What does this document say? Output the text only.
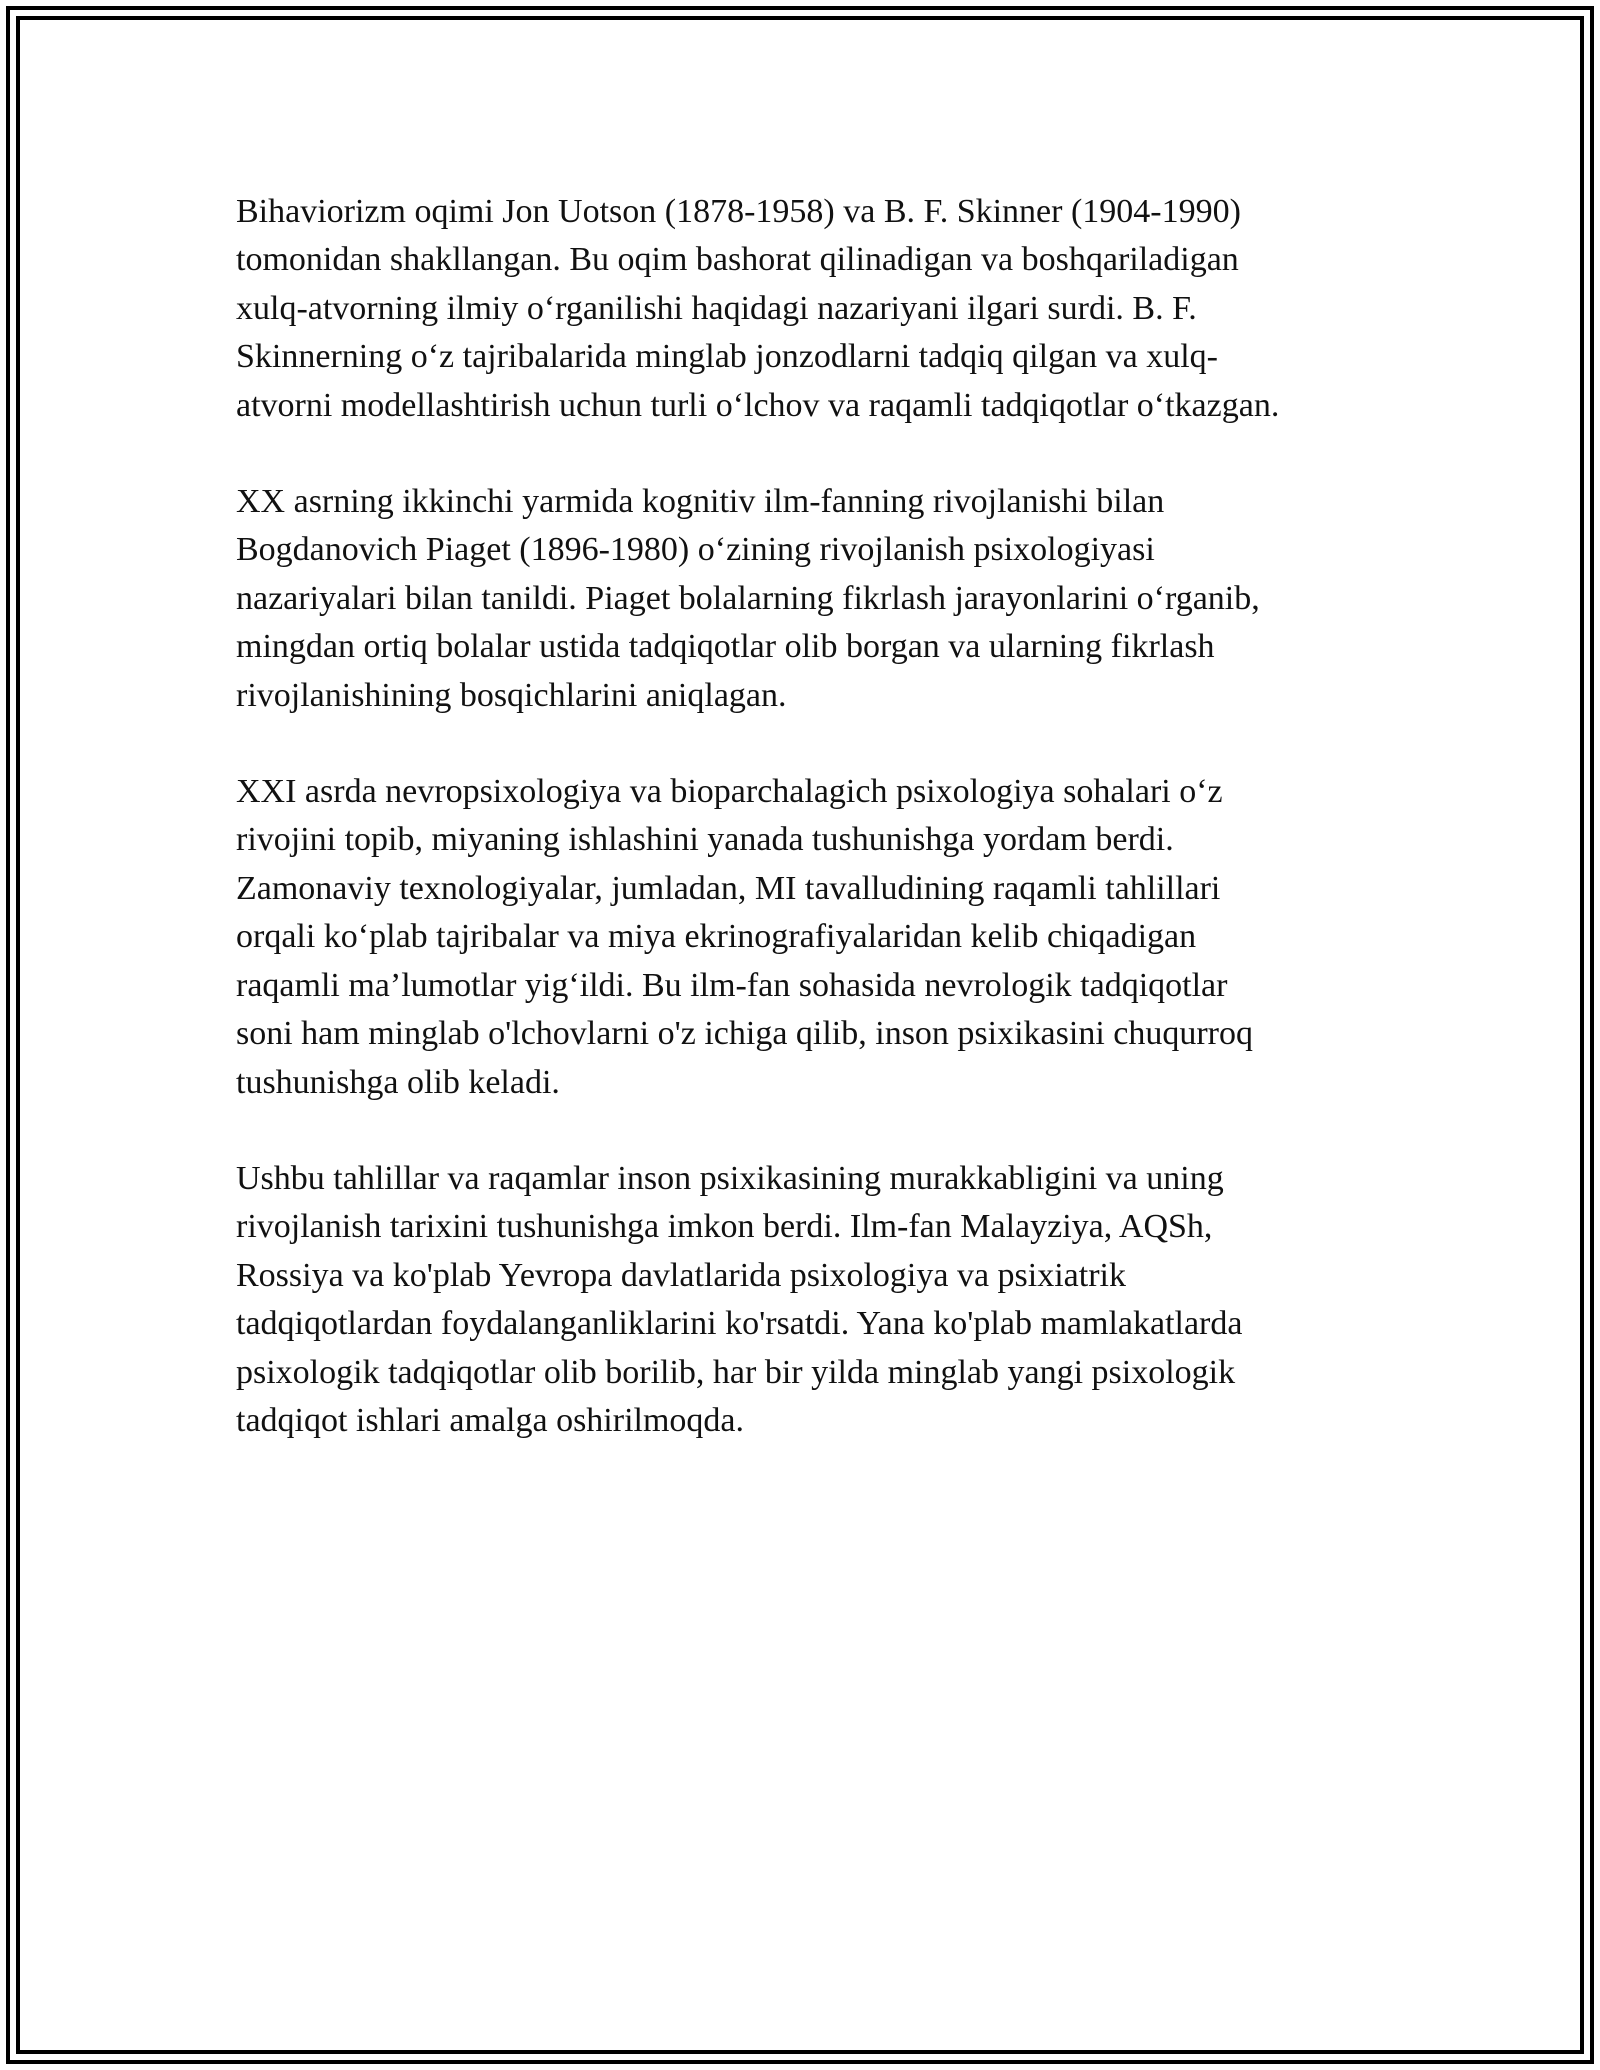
Bihaviorizm oqimi Jon Uotson (1878-1958) va B. F. Skinner (1904-1990)
tomonidan shakllangan. Bu oqim bashorat qilinadigan va boshqariladigan
xulq-atvorning ilmiy o‘rganilishi haqidagi nazariyani ilgari surdi. B. F.
Skinnerning o‘z tajribalarida minglab jonzodlarni tadqiq qilgan va xulq-
atvorni modellashtirish uchun turli o‘lchov va raqamli tadqiqotlar o‘tkazgan.

XX asrning ikkinchi yarmida kognitiv ilm-fanning rivojlanishi bilan
Bogdanovich Piaget (1896-1980) o‘zining rivojlanish psixologiyasi
nazariyalari bilan tanildi. Piaget bolalarning fikrlash jarayonlarini o‘rganib,
mingdan ortiq bolalar ustida tadqiqotlar olib borgan va ularning fikrlash
rivojlanishining bosqichlarini aniqlagan.

XXI asrda nevropsixologiya va bioparchalagich psixologiya sohalari o‘z
rivojini topib, miyaning ishlashini yanada tushunishga yordam berdi.
Zamonaviy texnologiyalar, jumladan, MI tavalludining raqamli tahlillari
orqali ko‘plab tajribalar va miya ekrinografiyalaridan kelib chiqadigan
raqamli ma’lumotlar yig‘ildi. Bu ilm-fan sohasida nevrologik tadqiqotlar
soni ham minglab o'lchovlarni o'z ichiga qilib, inson psixikasini chuqurroq
tushunishga olib keladi.

Ushbu tahlillar va raqamlar inson psixikasining murakkabligini va uning
rivojlanish tarixini tushunishga imkon berdi. Ilm-fan Malayziya, AQSh,
Rossiya va ko'plab Yevropa davlatlarida psixologiya va psixiatrik
tadqiqotlardan foydalanganliklarini ko'rsatdi. Yana ko'plab mamlakatlarda
psixologik tadqiqotlar olib borilib, har bir yilda minglab yangi psixologik
tadqiqot ishlari amalga oshirilmoqda.
